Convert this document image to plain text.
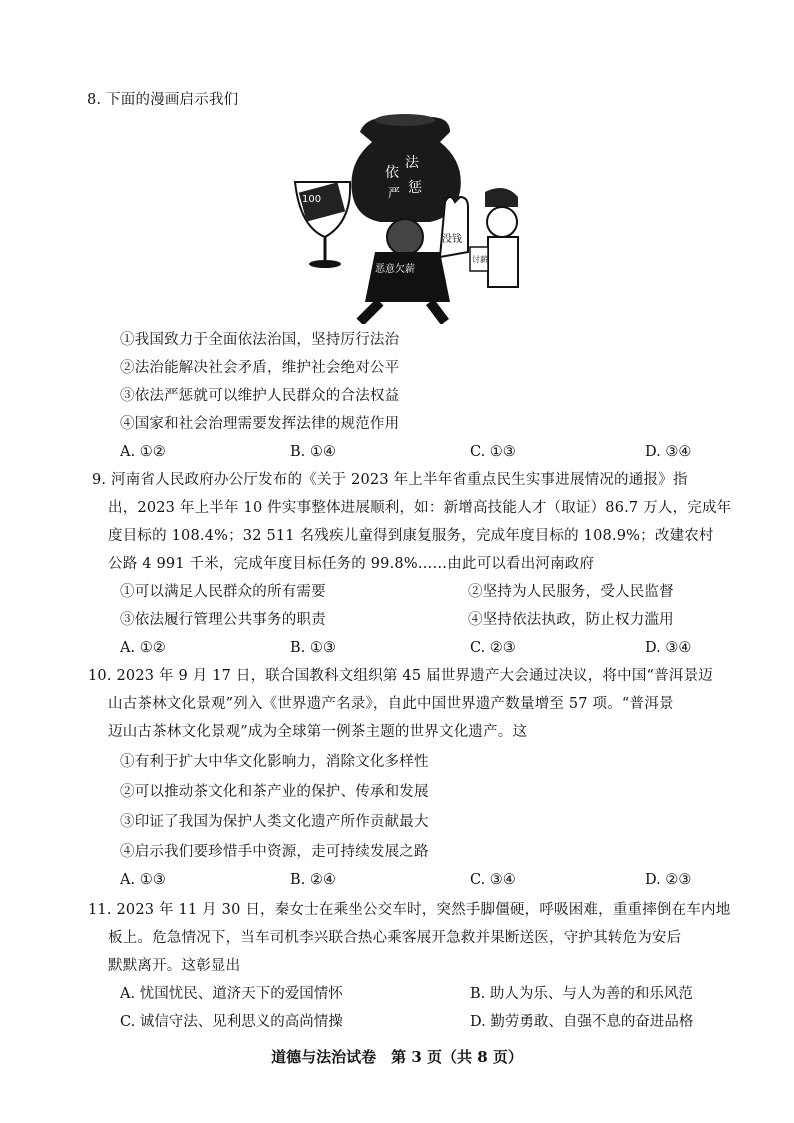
8. 下面的漫画启示我们
依
法
严 惩
100
恶意欠薪
没钱
讨薪
①我国致力于全面依法治国，坚持厉行法治
②法治能解决社会矛盾，维护社会绝对公平
③依法严惩就可以维护人民群众的合法权益
④国家和社会治理需要发挥法律的规范作用
A. ①②	B. ①④	C. ①③	D. ③④
9. 河南省人民政府办公厅发布的《关于 2023 年上半年省重点民生实事进展情况的通报》指
出，2023 年上半年 10 件实事整体进展顺利，如：新增高技能人才（取证）86.7 万人，完成年
度目标的 108.4%；32 511 名残疾儿童得到康复服务，完成年度目标的 108.9%；改建农村
公路 4 991 千米，完成年度目标任务的 99.8%……由此可以看出河南政府
①可以满足人民群众的所有需要	②坚持为人民服务，受人民监督
③依法履行管理公共事务的职责	④坚持依法执政，防止权力滥用
A. ①②	B. ①③	C. ②③	D. ③④
10. 2023 年 9 月 17 日，联合国教科文组织第 45 届世界遗产大会通过决议，将中国“普洱景迈
山古茶林文化景观”列入《世界遗产名录》，自此中国世界遗产数量增至 57 项。“普洱景
迈山古茶林文化景观”成为全球第一例茶主题的世界文化遗产。这
①有利于扩大中华文化影响力，消除文化多样性
②可以推动茶文化和茶产业的保护、传承和发展
③印证了我国为保护人类文化遗产所作贡献最大
④启示我们要珍惜手中资源，走可持续发展之路
A. ①③	B. ②④	C. ③④	D. ②③
11. 2023 年 11 月 30 日，秦女士在乘坐公交车时，突然手脚僵硬，呼吸困难，重重摔倒在车内地
板上。危急情况下，当车司机李兴联合热心乘客展开急救并果断送医，守护其转危为安后
默默离开。这彰显出
A. 忧国忧民、道济天下的爱国情怀	B. 助人为乐、与人为善的和乐风范
C. 诚信守法、见利思义的高尚情操	D. 勤劳勇敢、自强不息的奋进品格
道德与法治试卷　第 3 页（共 8 页）
